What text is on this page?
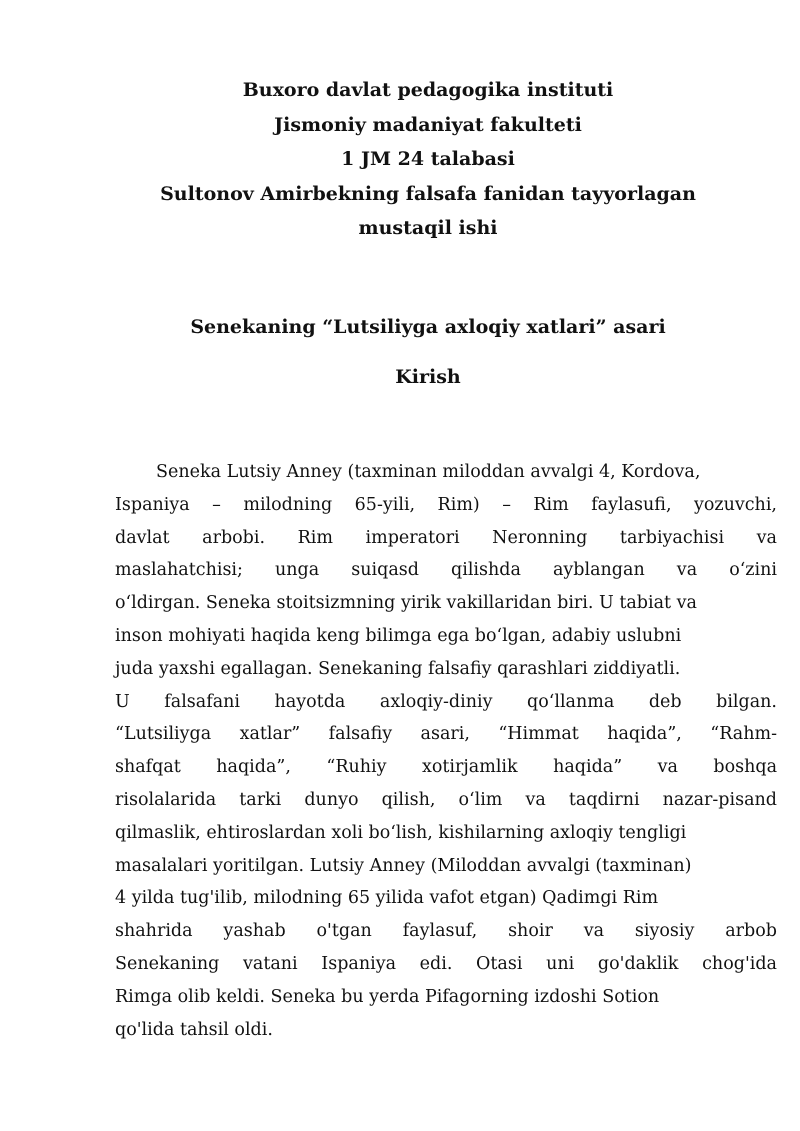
Buxoro davlat pedagogika instituti
Jismoniy madaniyat fakulteti
1 JM 24 talabasi
Sultonov Amirbekning falsafa fanidan tayyorlagan
mustaqil ishi
Senekaning “Lutsiliyga axloqiy xatlari” asari
Kirish
Seneka Lutsiy Anney (taxminan miloddan avvalgi 4, Kordova,
Ispaniya – milodning 65-yili, Rim) – Rim faylasufi, yozuvchi,
davlat arbobi. Rim imperatori Neronning tarbiyachisi va
maslahatchisi; unga suiqasd qilishda ayblangan va oʻzini
oʻldirgan. Seneka stoitsizmning yirik vakillaridan biri. U tabiat va
inson mohiyati haqida keng bilimga ega boʻlgan, adabiy uslubni
juda yaxshi egallagan. Senekaning falsafiy qarashlari ziddiyatli.
U falsafani hayotda axloqiy-diniy qoʻllanma deb bilgan.
“Lutsiliyga xatlar” falsafiy asari, “Himmat haqida”, “Rahm-
shafqat haqida”, “Ruhiy xotirjamlik haqida” va boshqa
risolalarida tarki dunyo qilish, oʻlim va taqdirni nazar-pisand
qilmaslik, ehtiroslardan xoli boʻlish, kishilarning axloqiy tengligi
masalalari yoritilgan. Lutsiy Anney (Miloddan avvalgi (taxminan)
4 yilda tug'ilib, milodning 65 yilida vafot etgan) Qadimgi Rim
shahrida yashab o'tgan faylasuf, shoir va siyosiy arbob
Senekaning vatani Ispaniya edi. Otasi uni go'daklik chog'ida
Rimga olib keldi. Seneka bu yerda Pifagorning izdoshi Sotion
qo'lida tahsil oldi.
